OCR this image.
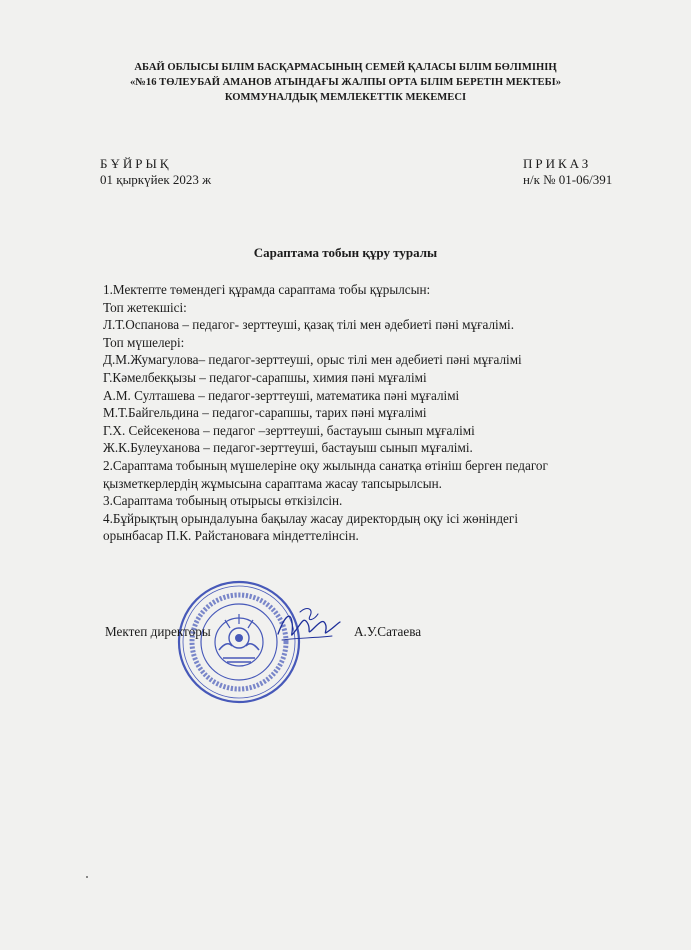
АБАЙ ОБЛЫСЫ БІЛІМ БАСҚАРМАСЫНЫҢ СЕМЕЙ ҚАЛАСЫ БІЛІМ БӨЛІМІНІҢ
«№16 ТӨЛЕУБАЙ АМАНОВ АТЫНДАҒЫ ЖАЛПЫ ОРТА БІЛІМ БЕРЕТІН МЕКТЕБІ»
КОММУНАЛДЫҚ МЕМЛЕКЕТТІК МЕКЕМЕСІ
БҰЙРЫҚ
01 қыркүйек 2023 ж
ПРИКАЗ
н/к № 01-06/391
Сараптама тобын құру туралы
1.Мектепте төмендегі құрамда сараптама тобы құрылсын:
Топ жетекшісі:
Л.Т.Оспанова – педагог- зерттеуші, қазақ тілі мен әдебиеті пәні мұғалімі.
Топ мүшелері:
Д.М.Жумагулова– педагог-зерттеуші, орыс тілі мен әдебиеті пәні мұғалімі
Г.Кәмелбекқызы – педагог-сарапшы, химия пәні мұғалімі
А.М. Султашева – педагог-зерттеуші, математика пәні мұғалімі
М.Т.Байгельдина – педагог-сарапшы, тарих пәні мұғалімі
Г.Х. Сейсекенова – педагог –зерттеуші, бастауыш сынып мұғалімі
Ж.К.Булеуханова – педагог-зерттеуші, бастауыш сынып мұғалімі.
2.Сараптама тобының мүшелеріне оқу жылында санатқа өтініш берген педагог
қызметкерлердің жұмысына сараптама жасау тапсырылсын.
3.Сараптама тобының отырысы өткізілсін.
4.Бұйрықтың орындалуына бақылау жасау директордың оқу ісі жөніндегі
орынбасар П.К. Райстановаға міндеттелінсін.
Мектеп директоры	А.У.Сатаева
